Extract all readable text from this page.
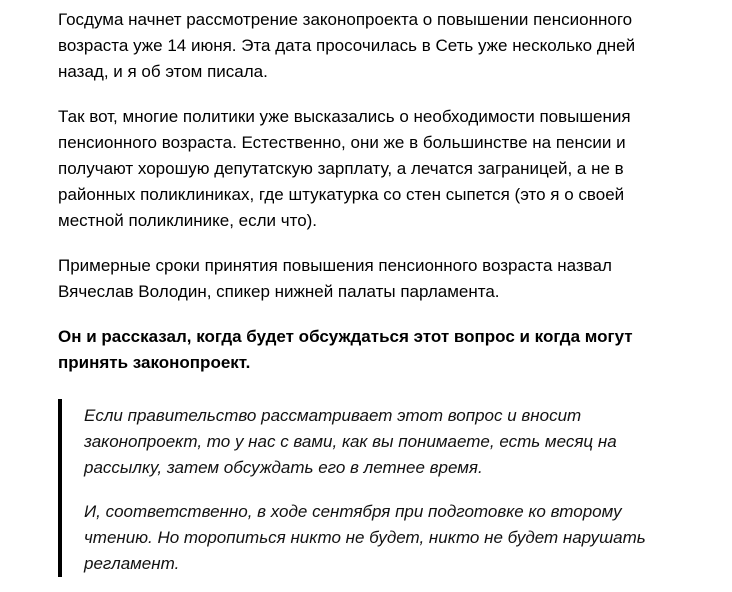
Госдума начнет рассмотрение законопроекта о повышении пенсионного
возраста уже 14 июня. Эта дата просочилась в Сеть уже несколько дней
назад, и я об этом писала.

Так вот, многие политики уже высказались о необходимости повышения
пенсионного возраста. Естественно, они же в большинстве на пенсии и
получают хорошую депутатскую зарплату, а лечатся заграницей, а не в
районных поликлиниках, где штукатурка со стен сыпется (это я о своей
местной поликлинике, если что).

Примерные сроки принятия повышения пенсионного возраста назвал
Вячеслав Володин, спикер нижней палаты парламента.

Он и рассказал, когда будет обсуждаться этот вопрос и когда могут
принять законопроект.

Если правительство рассматривает этот вопрос и вносит
законопроект, то у нас с вами, как вы понимаете, есть месяц на
рассылку, затем обсуждать его в летнее время.

И, соответственно, в ходе сентября при подготовке ко второму
чтению. Но торопиться никто не будет, никто не будет нарушать
регламент.
